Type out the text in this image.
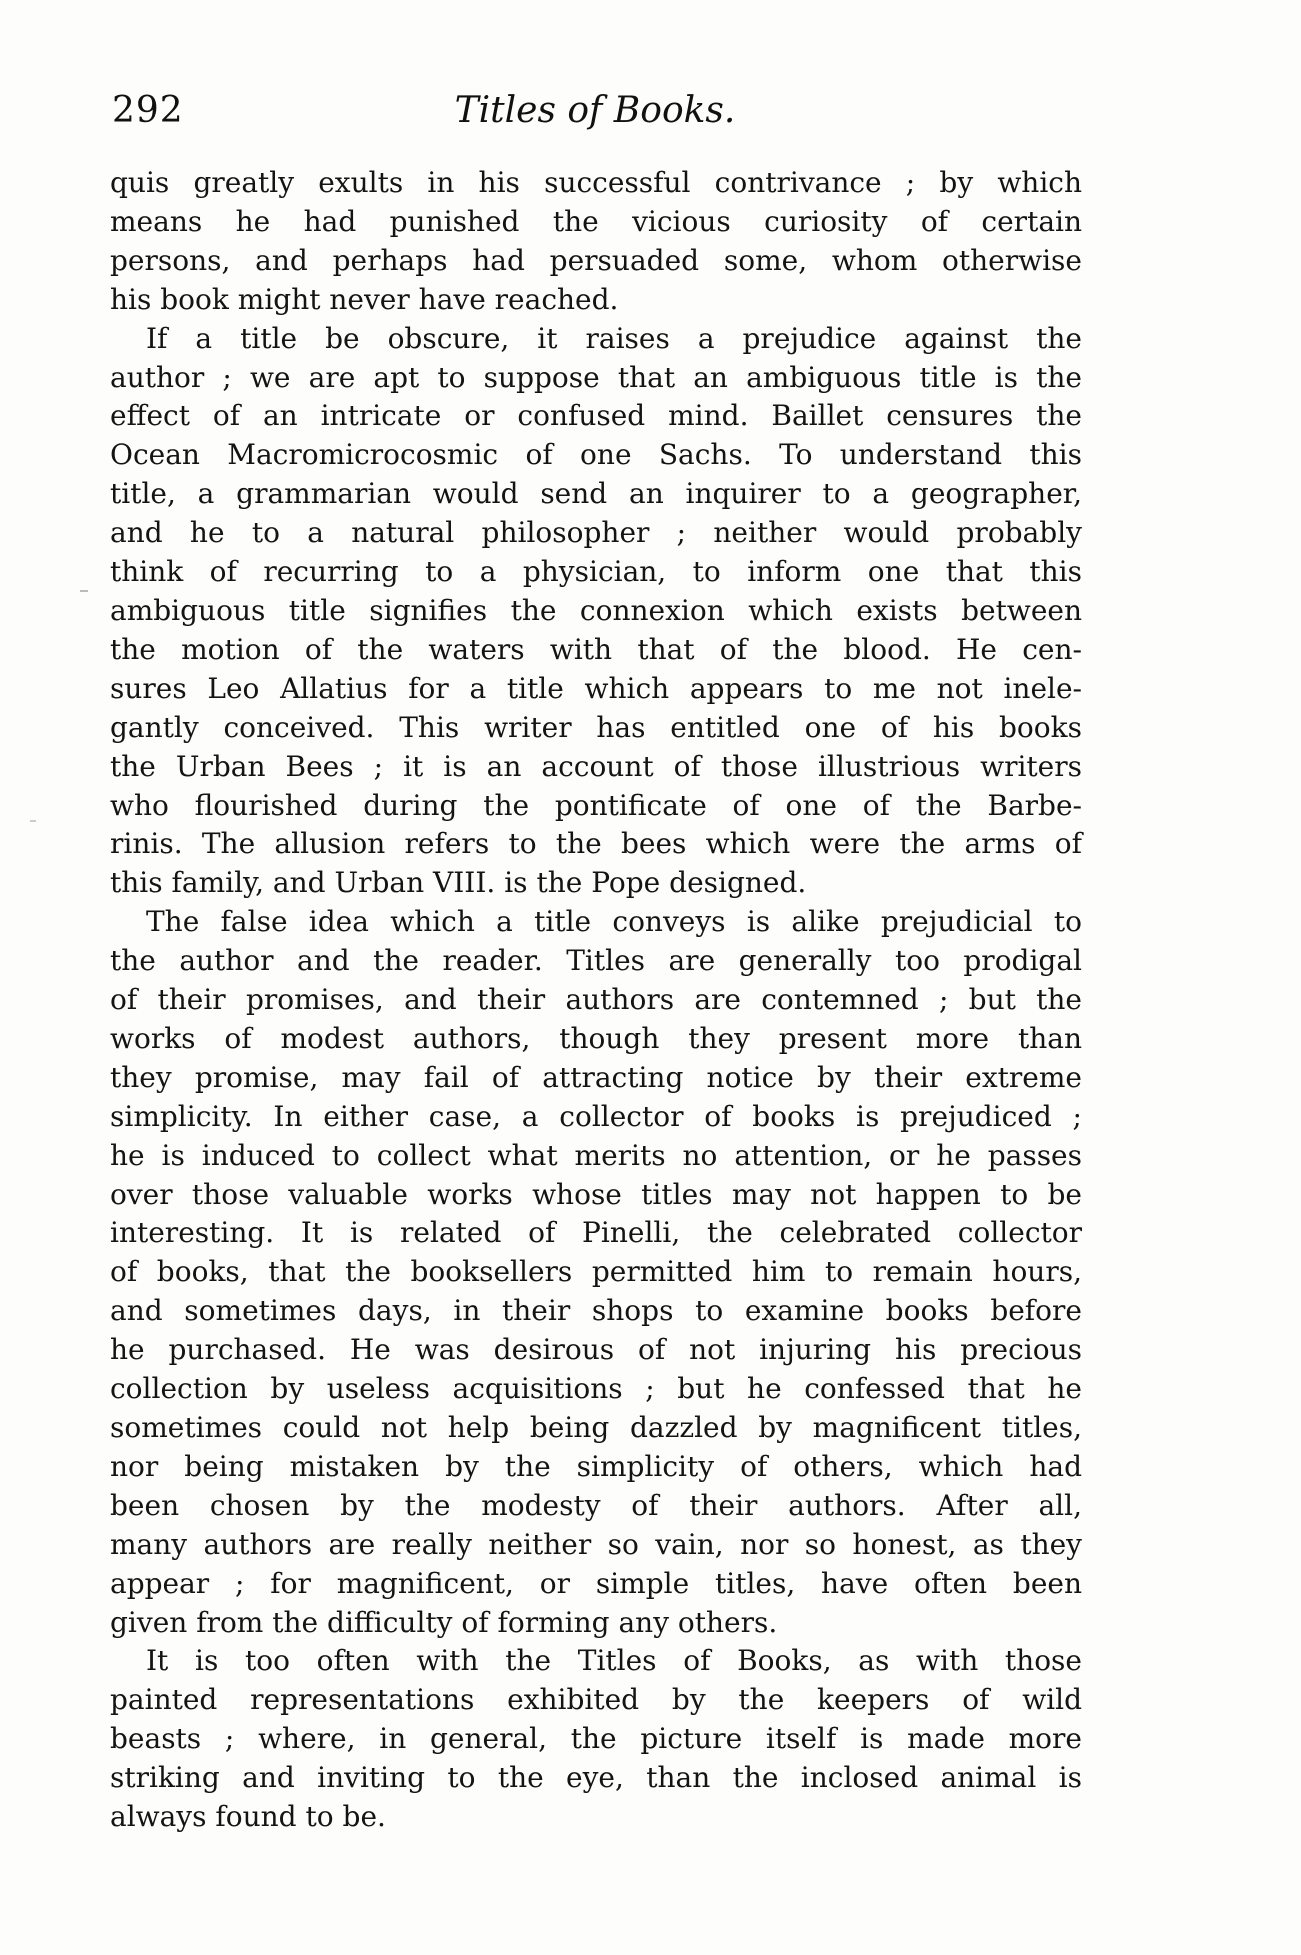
292	Titles of Books.

quis greatly exults in his successful contrivance ; by which

means he had punished the vicious curiosity of certain

persons, and perhaps had persuaded some, whom otherwise

his book might never have reached.

If a title be obscure, it raises a prejudice against the

author ; we are apt to suppose that an ambiguous title is the

effect of an intricate or confused mind. Baillet censures the

Ocean Macromicrocosmic of one Sachs. To understand this

title, a grammarian would send an inquirer to a geographer,

and he to a natural philosopher ; neither would probably

think of recurring to a physician, to inform one that this

ambiguous title signifies the connexion which exists between

the motion of the waters with that of the blood. He cen-

sures Leo Allatius for a title which appears to me not inele-

gantly conceived. This writer has entitled one of his books

the Urban Bees ; it is an account of those illustrious writers

who flourished during the pontificate of one of the Barbe-

rinis. The allusion refers to the bees which were the arms of

this family, and Urban VIII. is the Pope designed.

The false idea which a title conveys is alike prejudicial to

the author and the reader. Titles are generally too prodigal

of their promises, and their authors are contemned ; but the

works of modest authors, though they present more than

they promise, may fail of attracting notice by their extreme

simplicity. In either case, a collector of books is prejudiced ;

he is induced to collect what merits no attention, or he passes

over those valuable works whose titles may not happen to be

interesting. It is related of Pinelli, the celebrated collector

of books, that the booksellers permitted him to remain hours,

and sometimes days, in their shops to examine books before

he purchased. He was desirous of not injuring his precious

collection by useless acquisitions ; but he confessed that he

sometimes could not help being dazzled by magnificent titles,

nor being mistaken by the simplicity of others, which had

been chosen by the modesty of their authors. After all,

many authors are really neither so vain, nor so honest, as they

appear ; for magnificent, or simple titles, have often been

given from the difficulty of forming any others.

It is too often with the Titles of Books, as with those

painted representations exhibited by the keepers of wild

beasts ; where, in general, the picture itself is made more

striking and inviting to the eye, than the inclosed animal is

always found to be.
